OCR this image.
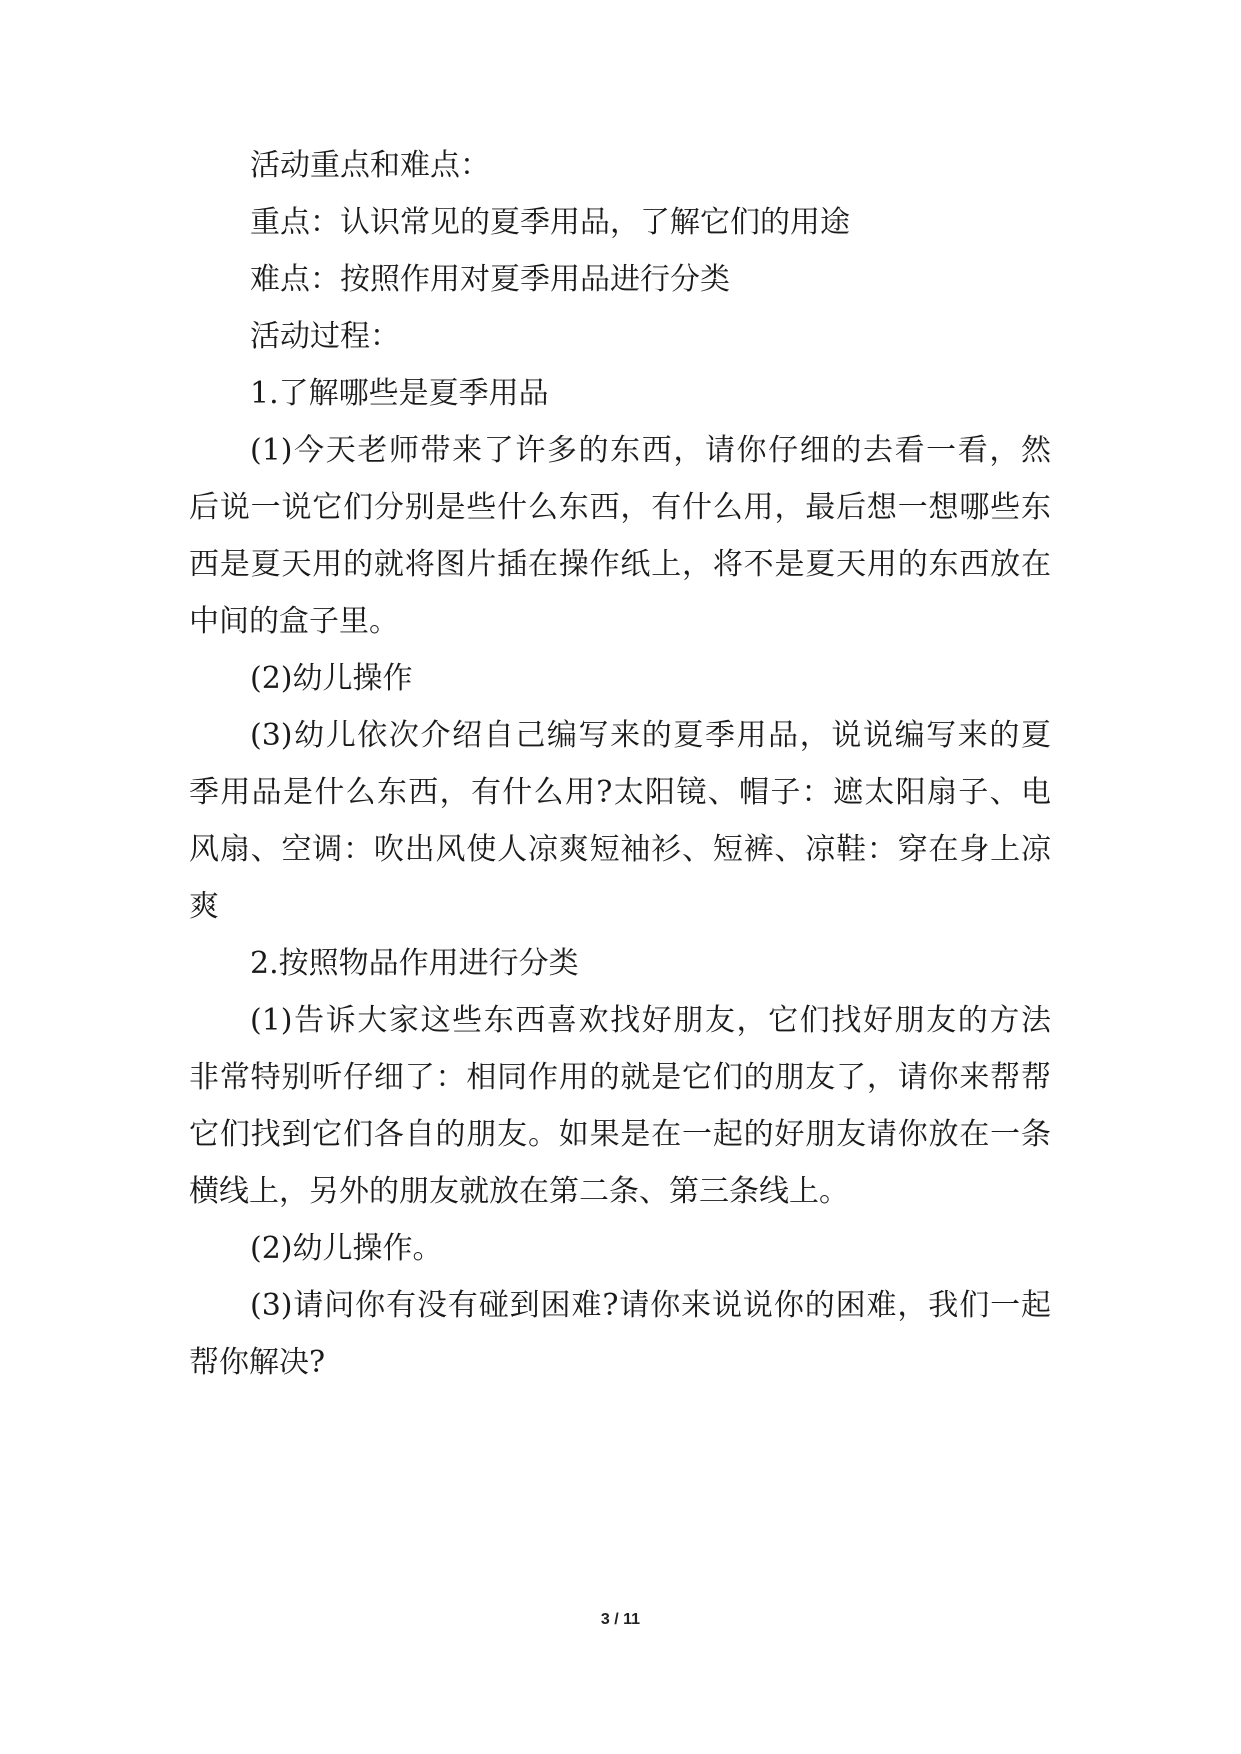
活动重点和难点：
重点：认识常见的夏季用品，了解它们的用途
难点：按照作用对夏季用品进行分类
活动过程：
1.了解哪些是夏季用品
(1)今天老师带来了许多的东西，请你仔细的去看一看，然
后说一说它们分别是些什么东西，有什么用，最后想一想哪些东
西是夏天用的就将图片插在操作纸上，将不是夏天用的东西放在
中间的盒子里。
(2)幼儿操作
(3)幼儿依次介绍自己编写来的夏季用品，说说编写来的夏
季用品是什么东西，有什么用?太阳镜、帽子：遮太阳扇子、电
风扇、空调：吹出风使人凉爽短袖衫、短裤、凉鞋：穿在身上凉
爽
2.按照物品作用进行分类
(1)告诉大家这些东西喜欢找好朋友，它们找好朋友的方法
非常特别听仔细了：相同作用的就是它们的朋友了，请你来帮帮
它们找到它们各自的朋友。如果是在一起的好朋友请你放在一条
横线上，另外的朋友就放在第二条、第三条线上。
(2)幼儿操作。
(3)请问你有没有碰到困难?请你来说说你的困难，我们一起
帮你解决?
3 / 11
